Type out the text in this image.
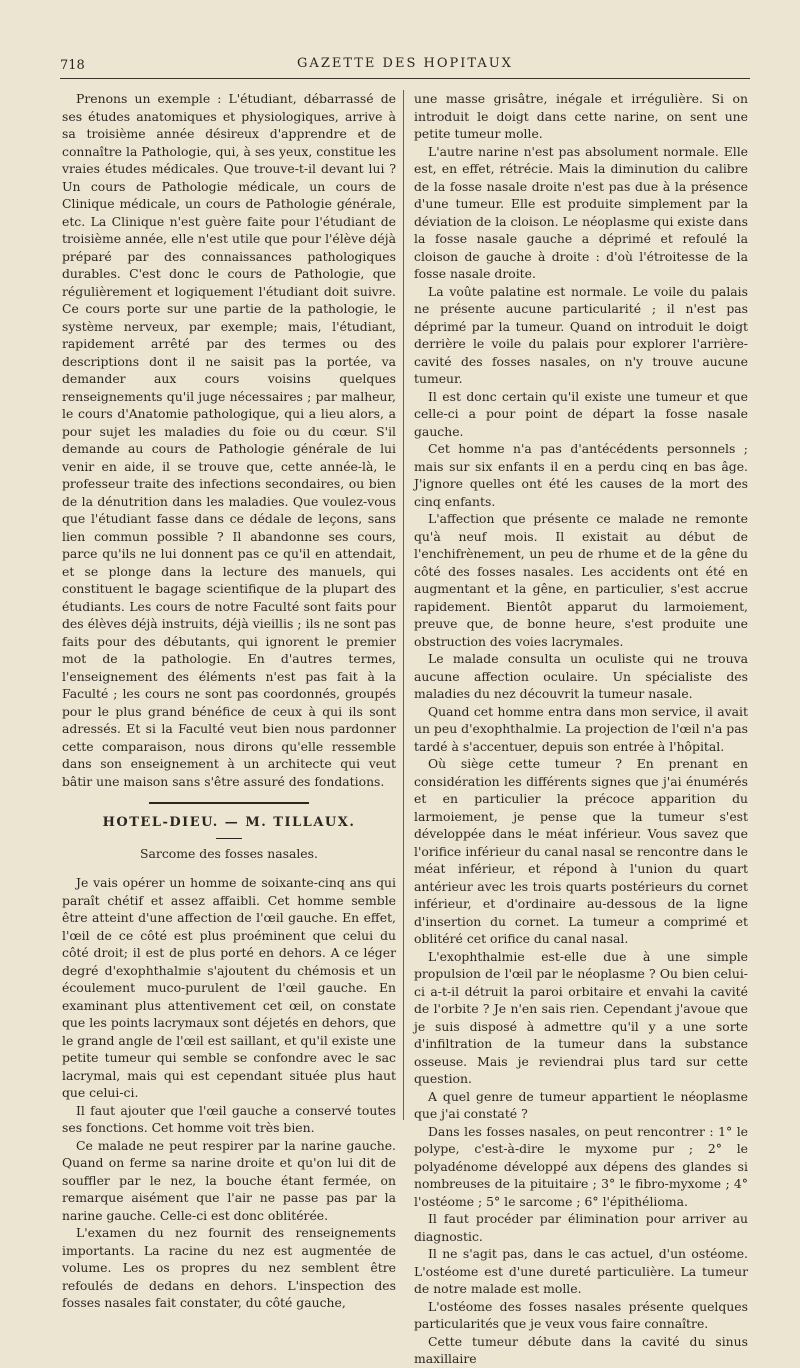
718	GAZETTE DES HOPITAUX

Prenons un exemple : L'étudiant, débarrassé de ses études anatomiques et physiologiques, arrive à sa troisième année désireux d'apprendre et de connaître la Pathologie, qui, à ses yeux, constitue les vraies études médicales. Que trouve-t-il devant lui ? Un cours de Pathologie médicale, un cours de Clinique médicale, un cours de Pathologie générale, etc. La Clinique n'est guère faite pour l'étudiant de troisième année, elle n'est utile que pour l'élève déjà préparé par des connaissances pathologiques durables. C'est donc le cours de Pathologie, que régulièrement et logiquement l'étudiant doit suivre. Ce cours porte sur une partie de la pathologie, le système nerveux, par exemple; mais, l'étudiant, rapidement arrêté par des termes ou des descriptions dont il ne saisit pas la portée, va demander aux cours voisins quelques renseignements qu'il juge nécessaires ; par malheur, le cours d'Anatomie pathologique, qui a lieu alors, a pour sujet les maladies du foie ou du cœur. S'il demande au cours de Pathologie générale de lui venir en aide, il se trouve que, cette année-là, le professeur traite des infections secondaires, ou bien de la dénutrition dans les maladies. Que voulez-vous que l'étudiant fasse dans ce dédale de leçons, sans lien commun possible ? Il abandonne ses cours, parce qu'ils ne lui donnent pas ce qu'il en attendait, et se plonge dans la lecture des manuels, qui constituent le bagage scientifique de la plupart des étudiants. Les cours de notre Faculté sont faits pour des élèves déjà instruits, déjà vieillis ; ils ne sont pas faits pour des débutants, qui ignorent le premier mot de la pathologie. En d'autres termes, l'enseignement des éléments n'est pas fait à la Faculté ; les cours ne sont pas coordonnés, groupés pour le plus grand bénéfice de ceux à qui ils sont adressés. Et si la Faculté veut bien nous pardonner cette comparaison, nous dirons qu'elle ressemble dans son enseignement à un architecte qui veut bâtir une maison sans s'être assuré des fondations.

HOTEL-DIEU. — M. TILLAUX.
Sarcome des fosses nasales.

Je vais opérer un homme de soixante-cinq ans qui paraît chétif et assez affaibli. Cet homme semble être atteint d'une affection de l'œil gauche. En effet, l'œil de ce côté est plus proéminent que celui du côté droit; il est de plus porté en dehors. A ce léger degré d'exophthalmie s'ajoutent du chémosis et un écoulement muco-purulent de l'œil gauche. En examinant plus attentivement cet œil, on constate que les points lacrymaux sont déjetés en dehors, que le grand angle de l'œil est saillant, et qu'il existe une petite tumeur qui semble se confondre avec le sac lacrymal, mais qui est cependant située plus haut que celui-ci.

Il faut ajouter que l'œil gauche a conservé toutes ses fonctions. Cet homme voit très bien.

Ce malade ne peut respirer par la narine gauche. Quand on ferme sa narine droite et qu'on lui dit de souffler par le nez, la bouche étant fermée, on remarque aisément que l'air ne passe pas par la narine gauche. Celle-ci est donc oblitérée.

L'examen du nez fournit des renseignements importants. La racine du nez est augmentée de volume. Les os propres du nez semblent être refoulés de dedans en dehors. L'inspection des fosses nasales fait constater, du côté gauche,

une masse grisâtre, inégale et irrégulière. Si on introduit le doigt dans cette narine, on sent une petite tumeur molle.

L'autre narine n'est pas absolument normale. Elle est, en effet, rétrécie. Mais la diminution du calibre de la fosse nasale droite n'est pas due à la présence d'une tumeur. Elle est produite simplement par la déviation de la cloison. Le néoplasme qui existe dans la fosse nasale gauche a déprimé et refoulé la cloison de gauche à droite : d'où l'étroitesse de la fosse nasale droite.

La voûte palatine est normale. Le voile du palais ne présente aucune particularité ; il n'est pas déprimé par la tumeur. Quand on introduit le doigt derrière le voile du palais pour explorer l'arrière-cavité des fosses nasales, on n'y trouve aucune tumeur.

Il est donc certain qu'il existe une tumeur et que celle-ci a pour point de départ la fosse nasale gauche.

Cet homme n'a pas d'antécédents personnels ; mais sur six enfants il en a perdu cinq en bas âge. J'ignore quelles ont été les causes de la mort des cinq enfants.

L'affection que présente ce malade ne remonte qu'à neuf mois. Il existait au début de l'enchifrènement, un peu de rhume et de la gêne du côté des fosses nasales. Les accidents ont été en augmentant et la gêne, en particulier, s'est accrue rapidement. Bientôt apparut du larmoiement, preuve que, de bonne heure, s'est produite une obstruction des voies lacrymales.

Le malade consulta un oculiste qui ne trouva aucune affection oculaire. Un spécialiste des maladies du nez découvrit la tumeur nasale.

Quand cet homme entra dans mon service, il avait un peu d'exophthalmie. La projection de l'œil n'a pas tardé à s'accentuer, depuis son entrée à l'hôpital.

Où siège cette tumeur ? En prenant en considération les différents signes que j'ai énumérés et en particulier la précoce apparition du larmoiement, je pense que la tumeur s'est développée dans le méat inférieur. Vous savez que l'orifice inférieur du canal nasal se rencontre dans le méat inférieur, et répond à l'union du quart antérieur avec les trois quarts postérieurs du cornet inférieur, et d'ordinaire au-dessous de la ligne d'insertion du cornet. La tumeur a comprimé et oblitéré cet orifice du canal nasal.

L'exophthalmie est-elle due à une simple propulsion de l'œil par le néoplasme ? Ou bien celui-ci a-t-il détruit la paroi orbitaire et envahi la cavité de l'orbite ? Je n'en sais rien. Cependant j'avoue que je suis disposé à admettre qu'il y a une sorte d'infiltration de la tumeur dans la substance osseuse. Mais je reviendrai plus tard sur cette question.

A quel genre de tumeur appartient le néoplasme que j'ai constaté ?

Dans les fosses nasales, on peut rencontrer : 1° le polype, c'est-à-dire le myxome pur ; 2° le polyadénome développé aux dépens des glandes si nombreuses de la pituitaire ; 3° le fibro-myxome ; 4° l'ostéome ; 5° le sarcome ; 6° l'épithélioma.

Il faut procéder par élimination pour arriver au diagnostic.

Il ne s'agit pas, dans le cas actuel, d'un ostéome. L'ostéome est d'une dureté particulière. La tumeur de notre malade est molle.

L'ostéome des fosses nasales présente quelques particularités que je veux vous faire connaître.

Cette tumeur débute dans la cavité du sinus maxillaire
